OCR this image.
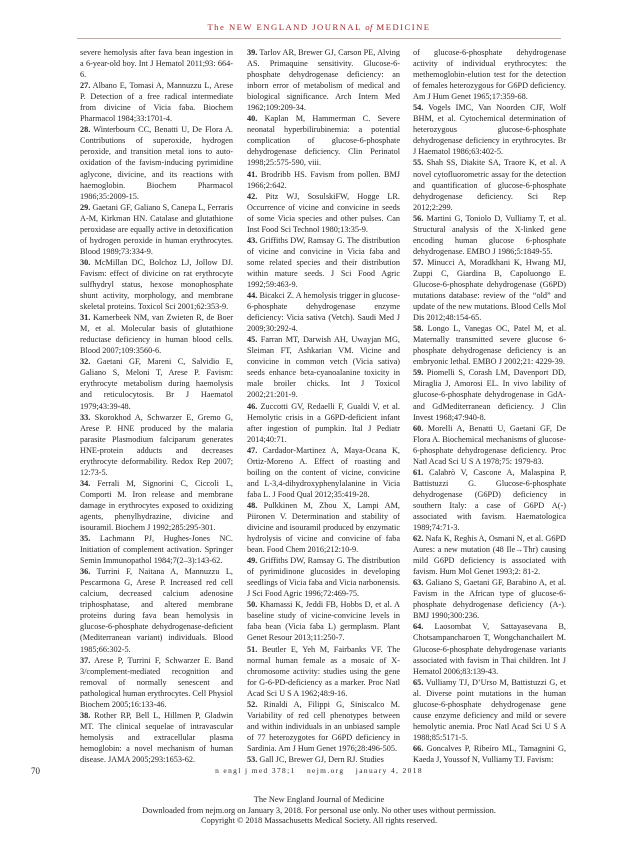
The NEW ENGLAND JOURNAL of MEDICINE

severe hemolysis after fava bean ingestion in a 6-year-old boy. Int J Hematol 2011;93: 664-6.

27. Albano E, Tomasi A, Mannuzzu L, Arese P. Detection of a free radical intermediate from divicine of Vicia faba. Biochem Pharmacol 1984;33:1701-4.

28. Winterbourn CC, Benatti U, De Flora A. Contributions of superoxide, hydrogen peroxide, and transition metal ions to auto-oxidation of the favism-inducing pyrimidine aglycone, divicine, and its reactions with haemoglobin. Biochem Pharmacol 1986;35:2009-15.

29. Gaetani GF, Galiano S, Canepa L, Ferraris A-M, Kirkman HN. Catalase and glutathione peroxidase are equally active in detoxification of hydrogen peroxide in human erythrocytes. Blood 1989;73:334-9.

30. McMillan DC, Bolchoz LJ, Jollow DJ. Favism: effect of divicine on rat erythrocyte sulfhydryl status, hexose monophosphate shunt activity, morphology, and membrane skeletal proteins. Toxicol Sci 2001;62:353-9.

31. Kamerbeek NM, van Zwieten R, de Boer M, et al. Molecular basis of glutathione reductase deficiency in human blood cells. Blood 2007;109:3560-6.

32. Gaetani GF, Mareni C, Salvidio E, Galiano S, Meloni T, Arese P. Favism: erythrocyte metabolism during haemolysis and reticulocytosis. Br J Haematol 1979;43:39-48.

33. Skorokhod A, Schwarzer E, Gremo G, Arese P. HNE produced by the malaria parasite Plasmodium falciparum generates HNE-protein adducts and decreases erythrocyte deformability. Redox Rep 2007; 12:73-5.

34. Ferrali M, Signorini C, Ciccoli L, Comporti M. Iron release and membrane damage in erythrocytes exposed to oxidizing agents, phenylhydrazine, divicine and isouramil. Biochem J 1992;285:295-301.

35. Lachmann PJ, Hughes-Jones NC. Initiation of complement activation. Springer Semin Immunopathol 1984;7(2–3):143-62.

36. Turrini F, Naitana A, Mannuzzu L, Pescarmona G, Arese P. Increased red cell calcium, decreased calcium adenosine triphosphatase, and altered membrane proteins during fava bean hemolysis in glucose-6-phosphate dehydrogenase-deficient (Mediterranean variant) individuals. Blood 1985;66:302-5.

37. Arese P, Turrini F, Schwarzer E. Band 3/complement-mediated recognition and removal of normally senescent and pathological human erythrocytes. Cell Physiol Biochem 2005;16:133-46.

38. Rother RP, Bell L, Hillmen P, Gladwin MT. The clinical sequelae of intravascular hemolysis and extracellular plasma hemoglobin: a novel mechanism of human disease. JAMA 2005;293:1653-62.

39. Tarlov AR, Brewer GJ, Carson PE, Alving AS. Primaquine sensitivity. Glucose-6-phosphate dehydrogenase deficiency: an inborn error of metabolism of medical and biological significance. Arch Intern Med 1962;109:209-34.

40. Kaplan M, Hammerman C. Severe neonatal hyperbilirubinemia: a potential complication of glucose-6-phosphate dehydrogenase deficiency. Clin Perinatol 1998;25:575-590, viii.

41. Brodribb HS. Favism from pollen. BMJ 1966;2:642.

42. Pitz WJ, SosulskiFW, Hogge LR. Occurrence of vicine and convicine in seeds of some Vicia species and other pulses. Can Inst Food Sci Technol 1980;13:35-9.

43. Griffiths DW, Ramsay G. The distribution of vicine and convicine in Vicia faba and some related species and their distribution within mature seeds. J Sci Food Agric 1992;59:463-9.

44. Bicakci Z. A hemolysis trigger in glucose-6-phosphate dehydrogenase enzyme deficiency: Vicia sativa (Vetch). Saudi Med J 2009;30:292-4.

45. Farran MT, Darwish AH, Uwayjan MG, Sleiman FT, Ashkarian VM. Vicine and convicine in common vetch (Vicia sativa) seeds enhance beta-cyanoalanine toxicity in male broiler chicks. Int J Toxicol 2002;21:201-9.

46. Zuccotti GV, Redaelli F, Gualdi V, et al. Hemolytic crisis in a G6PD-deficient infant after ingestion of pumpkin. Ital J Pediatr 2014;40:71.

47. Cardador-Martinez A, Maya-Ocana K, Ortiz-Moreno A. Effect of roasting and boiling on the content of vicine, convicine and L-3,4-dihydroxyphenylalanine in Vicia faba L. J Food Qual 2012;35:419-28.

48. Pulkkinen M, Zhou X, Lampi AM, Piironen V. Determination and stability of divicine and isouramil produced by enzymatic hydrolysis of vicine and convicine of faba bean. Food Chem 2016;212:10-9.

49. Griffiths DW, Ramsay G. The distribution of pyrimidinone glucosides in developing seedlings of Vicia faba and Vicia narbonensis. J Sci Food Agric 1996;72:469-75.

50. Khamassi K, Jeddi FB, Hobbs D, et al. A baseline study of vicine-convicine levels in faba bean (Vicia faba L) germplasm. Plant Genet Resour 2013;11:250-7.

51. Beutler E, Yeh M, Fairbanks VF. The normal human female as a mosaic of X-chromosome activity: studies using the gene for G-6-PD-deficiency as a marker. Proc Natl Acad Sci U S A 1962;48:9-16.

52. Rinaldi A, Filippi G, Siniscalco M. Variability of red cell phenotypes between and within individuals in an unbiased sample of 77 heterozygotes for G6PD deficiency in Sardinia. Am J Hum Genet 1976;28:496-505.

53. Gall JC, Brewer GJ, Dern RJ. Studies

of glucose-6-phosphate dehydrogenase activity of individual erythrocytes: the methemoglobin-elution test for the detection of females heterozygous for G6PD deficiency. Am J Hum Genet 1965;17:359-68.

54. Vogels IMC, Van Noorden CJF, Wolf BHM, et al. Cytochemical determination of heterozygous glucose-6-phosphate dehydrogenase deficiency in erythrocytes. Br J Haematol 1986;63:402-5.

55. Shah SS, Diakite SA, Traore K, et al. A novel cytofluorometric assay for the detection and quantification of glucose-6-phosphate dehydrogenase deficiency. Sci Rep 2012;2:299.

56. Martini G, Toniolo D, Vulliamy T, et al. Structural analysis of the X-linked gene encoding human glucose 6-phosphate dehydrogenase. EMBO J 1986;5:1849-55.

57. Minucci A, Moradkhani K, Hwang MJ, Zuppi C, Giardina B, Capoluongo E. Glucose-6-phosphate dehydrogenase (G6PD) mutations database: review of the “old” and update of the new mutations. Blood Cells Mol Dis 2012;48:154-65.

58. Longo L, Vanegas OC, Patel M, et al. Maternally transmitted severe glucose 6-phosphate dehydrogenase deficiency is an embryonic lethal. EMBO J 2002;21: 4229-39.

59. Piomelli S, Corash LM, Davenport DD, Miraglia J, Amorosi EL. In vivo lability of glucose-6-phosphate dehydrogenase in GdA- and GdMediterranean deficiency. J Clin Invest 1968;47:940-8.

60. Morelli A, Benatti U, Gaetani GF, De Flora A. Biochemical mechanisms of glucose-6-phosphate dehydrogenase deficiency. Proc Natl Acad Sci U S A 1978;75: 1979-83.

61. Calabrò V, Cascone A, Malaspina P, Battistuzzi G. Glucose-6-phosphate dehydrogenase (G6PD) deficiency in southern Italy: a case of G6PD A(-) associated with favism. Haematologica 1989;74:71-3.

62. Nafa K, Reghis A, Osmani N, et al. G6PD Aures: a new mutation (48 Ile→Thr) causing mild G6PD deficiency is associated with favism. Hum Mol Genet 1993;2: 81-2.

63. Galiano S, Gaetani GF, Barabino A, et al. Favism in the African type of glucose-6-phosphate dehydrogenase deficiency (A-). BMJ 1990;300:236.

64. Laosombat V, Sattayasevana B, Chotsampancharoen T, Wongchanchailert M. Glucose-6-phosphate dehydrogenase variants associated with favism in Thai children. Int J Hematol 2006;83:139-43.

65. Vulliamy TJ, D’Urso M, Battistuzzi G, et al. Diverse point mutations in the human glucose-6-phosphate dehydrogenase gene cause enzyme deficiency and mild or severe hemolytic anemia. Proc Natl Acad Sci U S A 1988;85:5171-5.

66. Goncalves P, Ribeiro ML, Tamagnini G, Kaeda J, Youssof N, Vulliamy TJ. Favism:

70	n engl j med 378;1 nejm.org january 4, 2018

The New England Journal of Medicine

Downloaded from nejm.org on January 3, 2018. For personal use only. No other uses without permission.

Copyright © 2018 Massachusetts Medical Society. All rights reserved.
